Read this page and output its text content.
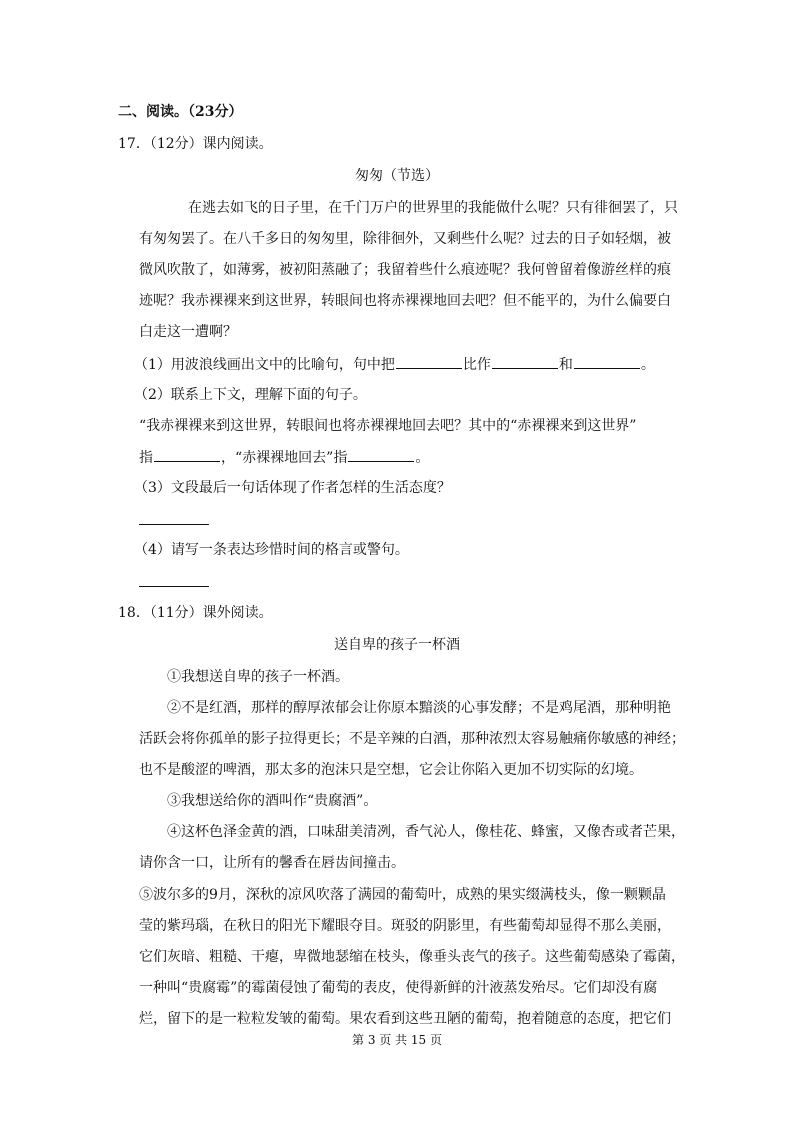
二、阅读。（23分）
17．（12分）课内阅读。
匆匆（节选）
在逃去如飞的日子里，在千门万户的世界里的我能做什么呢？只有徘徊罢了，只
有匆匆罢了。在八千多日的匆匆里，除徘徊外，又剩些什么呢？过去的日子如轻烟，被
微风吹散了，如薄雾，被初阳蒸融了；我留着些什么痕迹呢？我何曾留着像游丝样的痕
迹呢？我赤裸裸来到这世界，转眼间也将赤裸裸地回去吧？但不能平的，为什么偏要白
白走这一遭啊？
（1）用波浪线画出文中的比喻句，句中把	比作	和	。
（2）联系上下文，理解下面的句子。
“我赤裸裸来到这世界，转眼间也将赤裸裸地回去吧？其中的“赤裸裸来到这世界”
指	，“赤裸裸地回去”指	。
（3）文段最后一句话体现了作者怎样的生活态度？
（4）请写一条表达珍惜时间的格言或警句。
18．（11分）课外阅读。
送自卑的孩子一杯酒
①我想送自卑的孩子一杯酒。
②不是红酒，那样的醇厚浓郁会让你原本黯淡的心事发酵；不是鸡尾酒，那种明艳
活跃会将你孤单的影子拉得更长；不是辛辣的白酒，那种浓烈太容易触痛你敏感的神经；
也不是酸涩的啤酒，那太多的泡沫只是空想，它会让你陷入更加不切实际的幻境。
③我想送给你的酒叫作“贵腐酒”。
④这杯色泽金黄的酒，口味甜美清冽，香气沁人，像桂花、蜂蜜，又像杏或者芒果，
请你含一口，让所有的馨香在唇齿间撞击。
⑤波尔多的9月，深秋的凉风吹落了满园的葡萄叶，成熟的果实缀满枝头，像一颗颗晶
莹的紫玛瑙，在秋日的阳光下耀眼夺目。斑驳的阴影里，有些葡萄却显得不那么美丽，
它们灰暗、粗糙、干瘪，卑微地瑟缩在枝头，像垂头丧气的孩子。这些葡萄感染了霉菌，
一种叫“贵腐霉”的霉菌侵蚀了葡萄的表皮，使得新鲜的汁液蒸发殆尽。它们却没有腐
烂，留下的是一粒粒发皱的葡萄。果农看到这些丑陋的葡萄，抱着随意的态度，把它们
第 3 页 共 15 页
